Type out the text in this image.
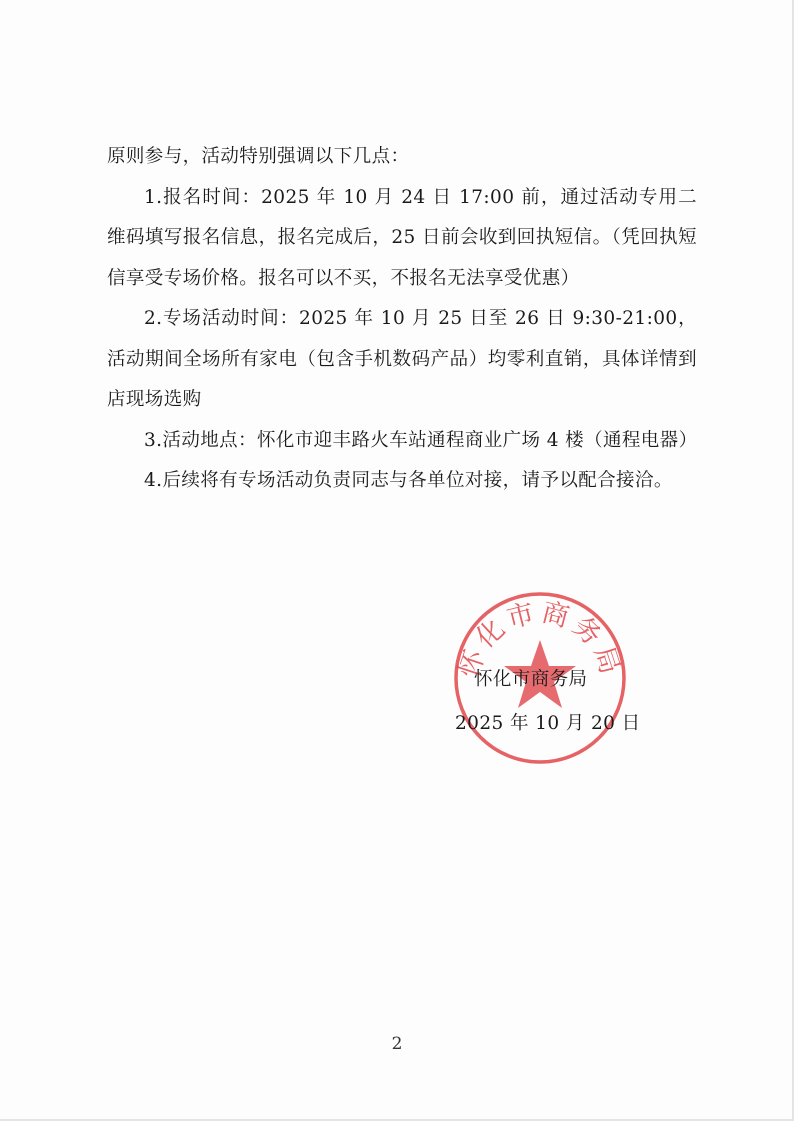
原则参与，活动特别强调以下几点：

1.报名时间：2025 年 10 月 24 日 17:00 前，通过活动专用二维码填写报名信息，报名完成后，25 日前会收到回执短信。（凭回执短信享受专场价格。报名可以不买，不报名无法享受优惠）

2.专场活动时间：2025 年 10 月 25 日至 26 日 9:30-21:00，活动期间全场所有家电（包含手机数码产品）均零利直销，具体详情到店现场选购

3.活动地点：怀化市迎丰路火车站通程商业广场 4 楼（通程电器）

4.后续将有专场活动负责同志与各单位对接，请予以配合接洽。

怀化市商务局
怀化市商务局
2025 年 10 月 20 日
2
